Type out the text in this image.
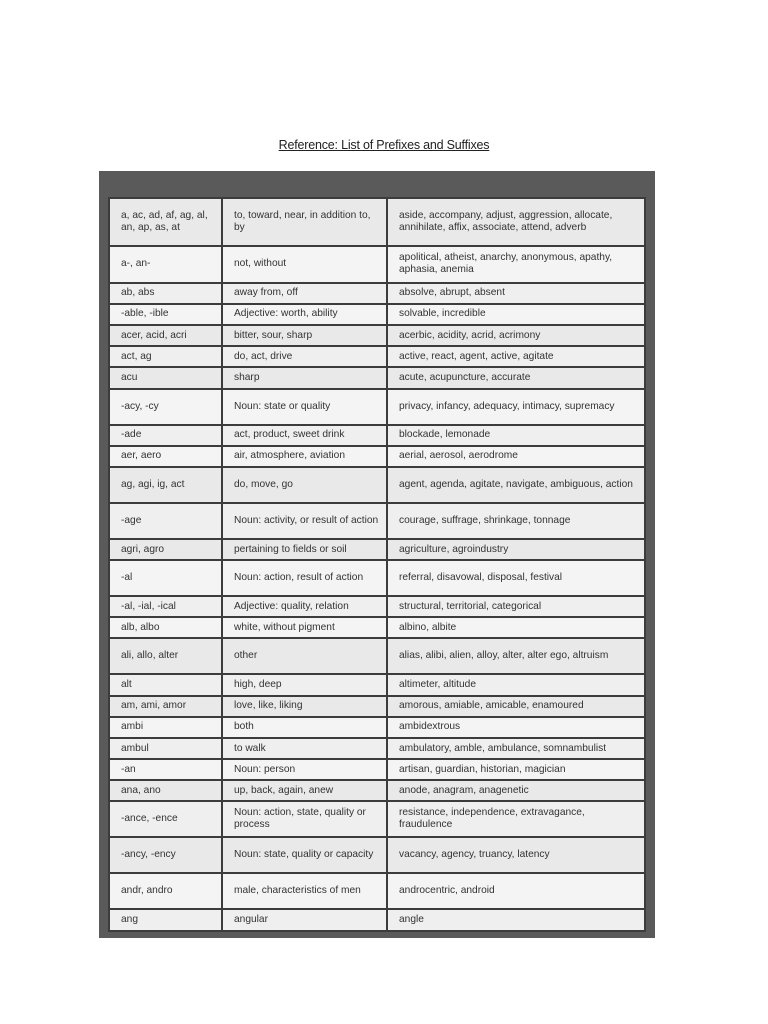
Reference: List of Prefixes and Suffixes

a, ac, ad, af, ag, al, an, ap, as, at	to, toward, near, in addition to, by	aside, accompany, adjust, aggression, allocate, annihilate, affix, associate, attend, adverb
a-, an-	not, without	apolitical, atheist, anarchy, anonymous, apathy, aphasia, anemia
ab, abs	away from, off	absolve, abrupt, absent
-able, -ible	Adjective: worth, ability	solvable, incredible
acer, acid, acri	bitter, sour, sharp	acerbic, acidity, acrid, acrimony
act, ag	do, act, drive	active, react, agent, active, agitate
acu	sharp	acute, acupuncture, accurate
-acy, -cy	Noun: state or quality	privacy, infancy, adequacy, intimacy, supremacy
-ade	act, product, sweet drink	blockade, lemonade
aer, aero	air, atmosphere, aviation	aerial, aerosol, aerodrome
ag, agi, ig, act	do, move, go	agent, agenda, agitate, navigate, ambiguous, action
-age	Noun: activity, or result of action	courage, suffrage, shrinkage, tonnage
agri, agro	pertaining to fields or soil	agriculture, agroindustry
-al	Noun: action, result of action	referral, disavowal, disposal, festival
-al, -ial, -ical	Adjective: quality, relation	structural, territorial, categorical
alb, albo	white, without pigment	albino, albite
ali, allo, alter	other	alias, alibi, alien, alloy, alter, alter ego, altruism
alt	high, deep	altimeter, altitude
am, ami, amor	love, like, liking	amorous, amiable, amicable, enamoured
ambi	both	ambidextrous
ambul	to walk	ambulatory, amble, ambulance, somnambulist
-an	Noun: person	artisan, guardian, historian, magician
ana, ano	up, back, again, anew	anode, anagram, anagenetic
-ance, -ence	Noun: action, state, quality or process	resistance, independence, extravagance, fraudulence
-ancy, -ency	Noun: state, quality or capacity	vacancy, agency, truancy, latency
andr, andro	male, characteristics of men	androcentric, android
ang	angular	angle
